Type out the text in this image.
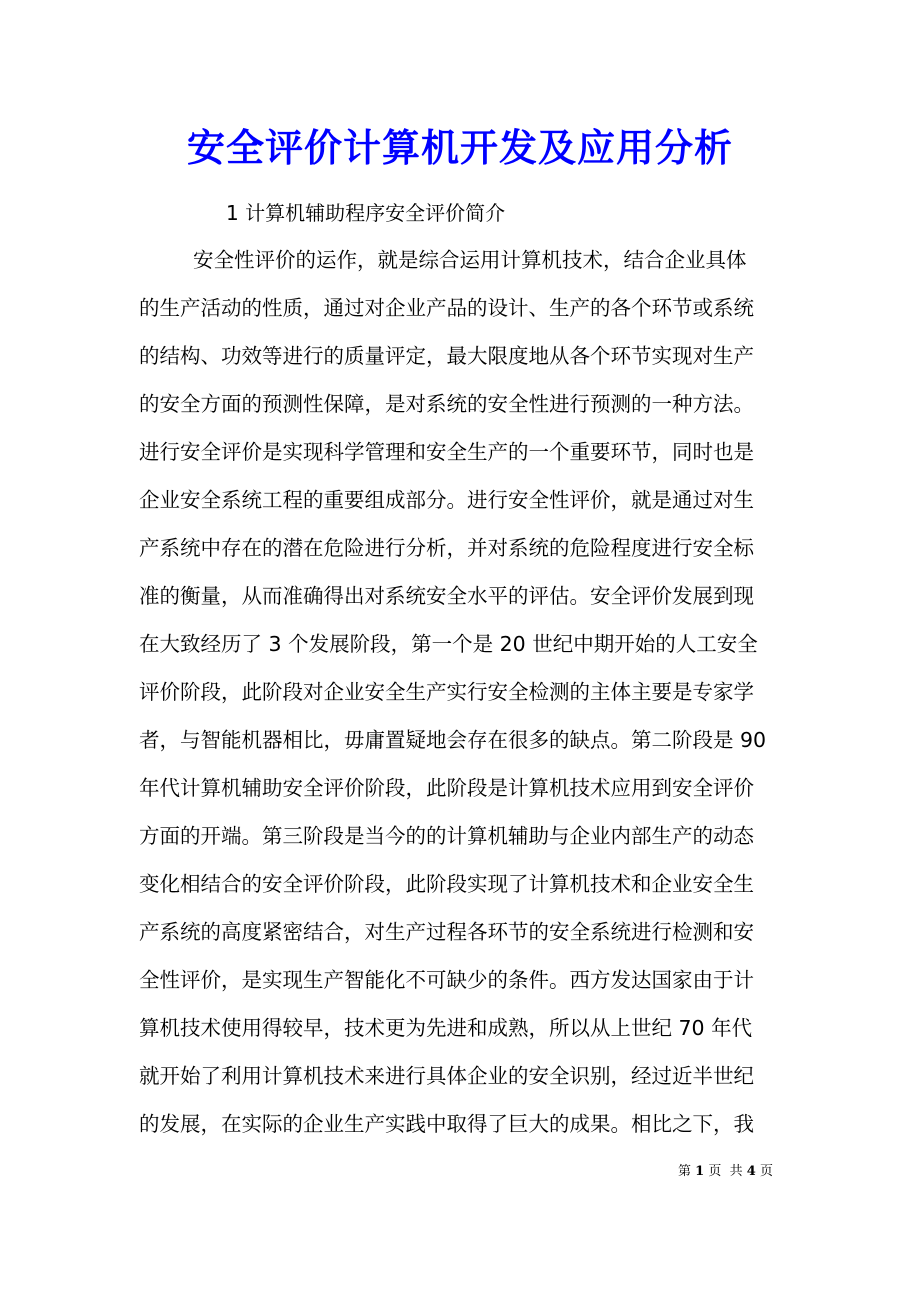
安全评价计算机开发及应用分析
1 计算机辅助程序安全评价简介
安全性评价的运作，就是综合运用计算机技术，结合企业具体
的生产活动的性质，通过对企业产品的设计、生产的各个环节或系统
的结构、功效等进行的质量评定，最大限度地从各个环节实现对生产
的安全方面的预测性保障，是对系统的安全性进行预测的一种方法。
进行安全评价是实现科学管理和安全生产的一个重要环节，同时也是
企业安全系统工程的重要组成部分。进行安全性评价，就是通过对生
产系统中存在的潜在危险进行分析，并对系统的危险程度进行安全标
准的衡量，从而准确得出对系统安全水平的评估。安全评价发展到现
在大致经历了 3 个发展阶段，第一个是 20 世纪中期开始的人工安全
评价阶段，此阶段对企业安全生产实行安全检测的主体主要是专家学
者，与智能机器相比，毋庸置疑地会存在很多的缺点。第二阶段是 90
年代计算机辅助安全评价阶段，此阶段是计算机技术应用到安全评价
方面的开端。第三阶段是当今的的计算机辅助与企业内部生产的动态
变化相结合的安全评价阶段，此阶段实现了计算机技术和企业安全生
产系统的高度紧密结合，对生产过程各环节的安全系统进行检测和安
全性评价，是实现生产智能化不可缺少的条件。西方发达国家由于计
算机技术使用得较早，技术更为先进和成熟，所以从上世纪 70 年代
就开始了利用计算机技术来进行具体企业的安全识别，经过近半世纪
的发展，在实际的企业生产实践中取得了巨大的成果。相比之下，我
第 1 页  共 4 页
